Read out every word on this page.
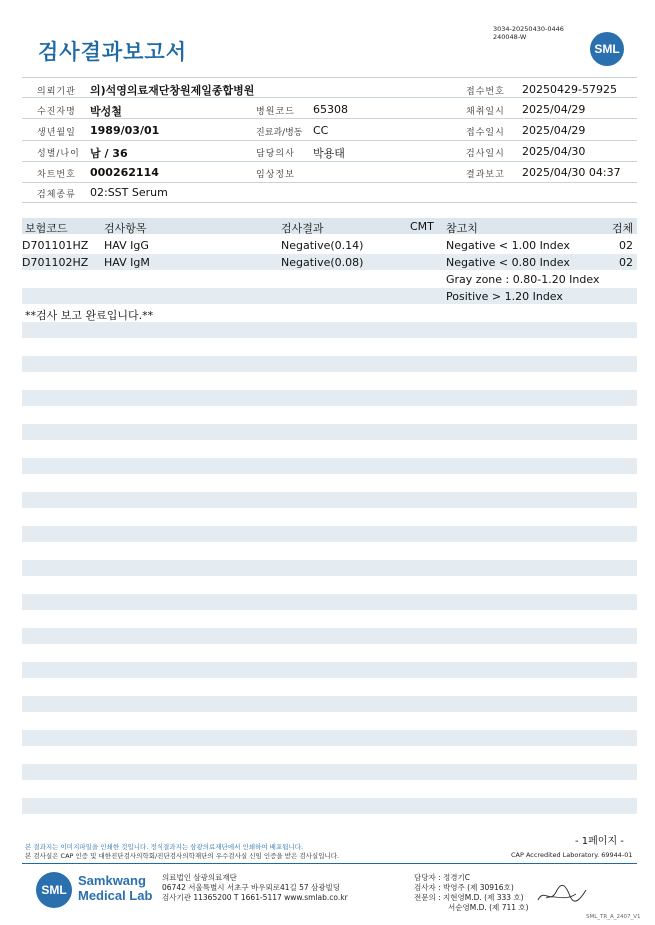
검사결과보고서
3034-20250430-0446
240048-W
SML
의뢰기관 의)석영의료재단창원제일종합병원
수진자명 박성철
생년월일 1989/03/01
성별/나이 남 / 36
차트번호 000262114
검체종류 02:SST Serum
병원코드 65308
진료과/병동 CC
담당의사 박용태
임상정보
접수번호 20250429-57925
채취일시 2025/04/29
접수일시 2025/04/29
검사일시 2025/04/30
결과보고 2025/04/30 04:37
보험코드	검사항목	검사결과	CMT 참고치	검체
D701101HZ HAV IgG	Negative(0.14)	Negative < 1.00 Index	02
D701102HZ HAV IgM	Negative(0.08)	Negative < 0.80 Index	02
Gray zone : 0.80-1.20 Index
Positive > 1.20 Index
**검사 보고 완료입니다.**
- 1페이지 -
본 결과지는 이미지파일을 인쇄한 것입니다. 정식결과지는 삼광의료재단에서 인쇄하여 배포됩니다.
본 검사실은 CAP 인증 및 대한진단검사의학회/진단검사의학재단의 우수검사실 신임 인증을 받은 검사실입니다.	CAP Accredited Laboratory. 69944-01
SML
Samkwang
Medical Lab
의료법인 삼광의료재단
06742 서울특별시 서초구 바우뫼로41길 57 삼광빌딩
검사기관 11365200 T 1661-5117 www.smlab.co.kr
담당자 : 정경기C
검사자 : 박영주 (제 30916호)
전문의 : 지현영M.D. (제 333 호)
서순영M.D. (제 711 호)
SML_TR_A_2407_V1
